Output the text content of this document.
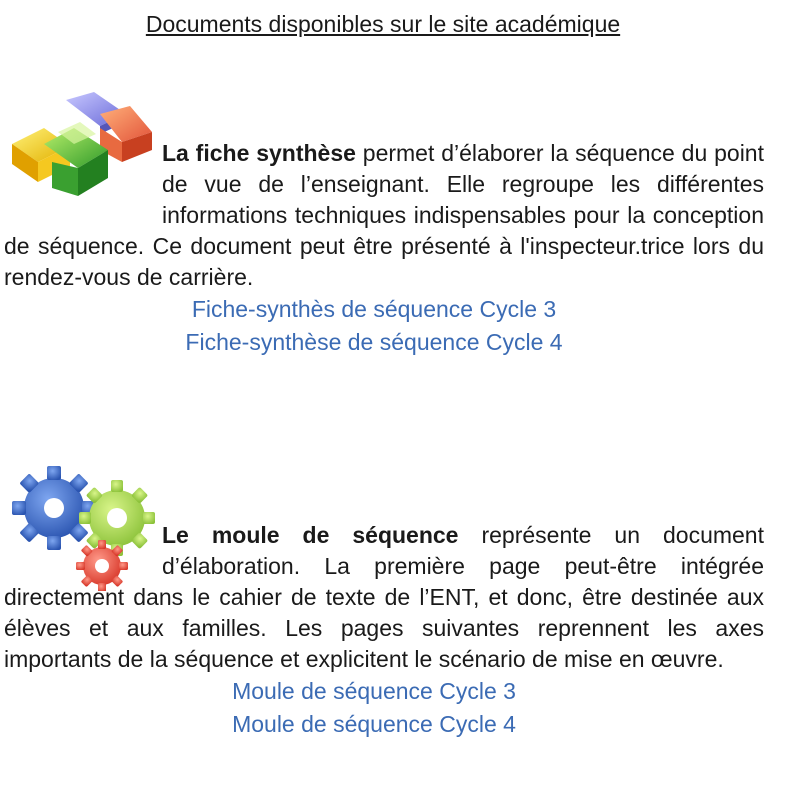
Documents disponibles sur le site académique

La fiche synthèse permet d’élaborer la séquence du point de vue de l’enseignant. Elle regroupe les différentes informations techniques indispensables pour la conception de séquence. Ce document peut être présenté à l'inspecteur.trice lors du rendez-vous de carrière.

Fiche-synthès de séquence Cycle 3
Fiche-synthèse de séquence Cycle 4

Le moule de séquence représente un document d’élaboration. La première page peut-être intégrée directement dans le cahier de texte de l’ENT, et donc, être destinée aux élèves et aux familles. Les pages suivantes reprennent les axes importants de la séquence et explicitent le scénario de mise en œuvre.

Moule de séquence Cycle 3
Moule de séquence Cycle 4
